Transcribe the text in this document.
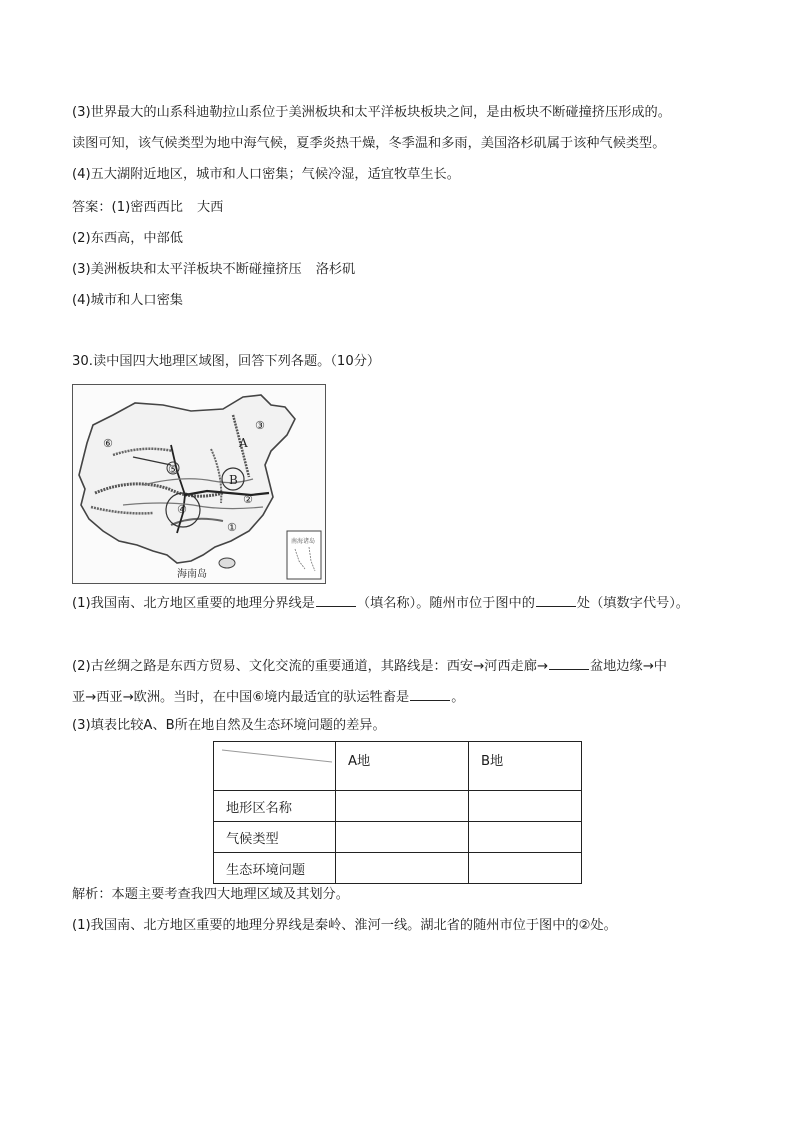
(3)世界最大的山系科迪勒拉山系位于美洲板块和太平洋板块板块之间，是由板块不断碰撞挤压形成的。
读图可知，该气候类型为地中海气候，夏季炎热干燥，冬季温和多雨，美国洛杉矶属于该种气候类型。
(4)五大湖附近地区，城市和人口密集；气候冷湿，适宜牧草生长。
答案：(1)密西西比 大西
(2)东西高，中部低
(3)美洲板块和太平洋板块不断碰撞挤压 洛杉矶
(4)城市和人口密集
30.读中国四大地理区域图，回答下列各题。（10分）
A
B
①
②
③
④
⑤
⑥
海南岛
南海诸岛
(1)我国南、北方地区重要的地理分界线是	（填名称）。随州市位于图中的	处（填数字代号）。
(2)古丝绸之路是东西方贸易、文化交流的重要通道，其路线是：西安→河西走廊→	盆地边缘→中
亚→西亚→欧洲。当时，在中国⑥境内最适宜的驮运牲畜是	。
(3)填表比较A、B所在地自然及生态环境问题的差异。
	A地	B地
地形区名称		
气候类型		
生态环境问题		
解析：本题主要考查我四大地理区域及其划分。
(1)我国南、北方地区重要的地理分界线是秦岭、淮河一线。湖北省的随州市位于图中的②处。
